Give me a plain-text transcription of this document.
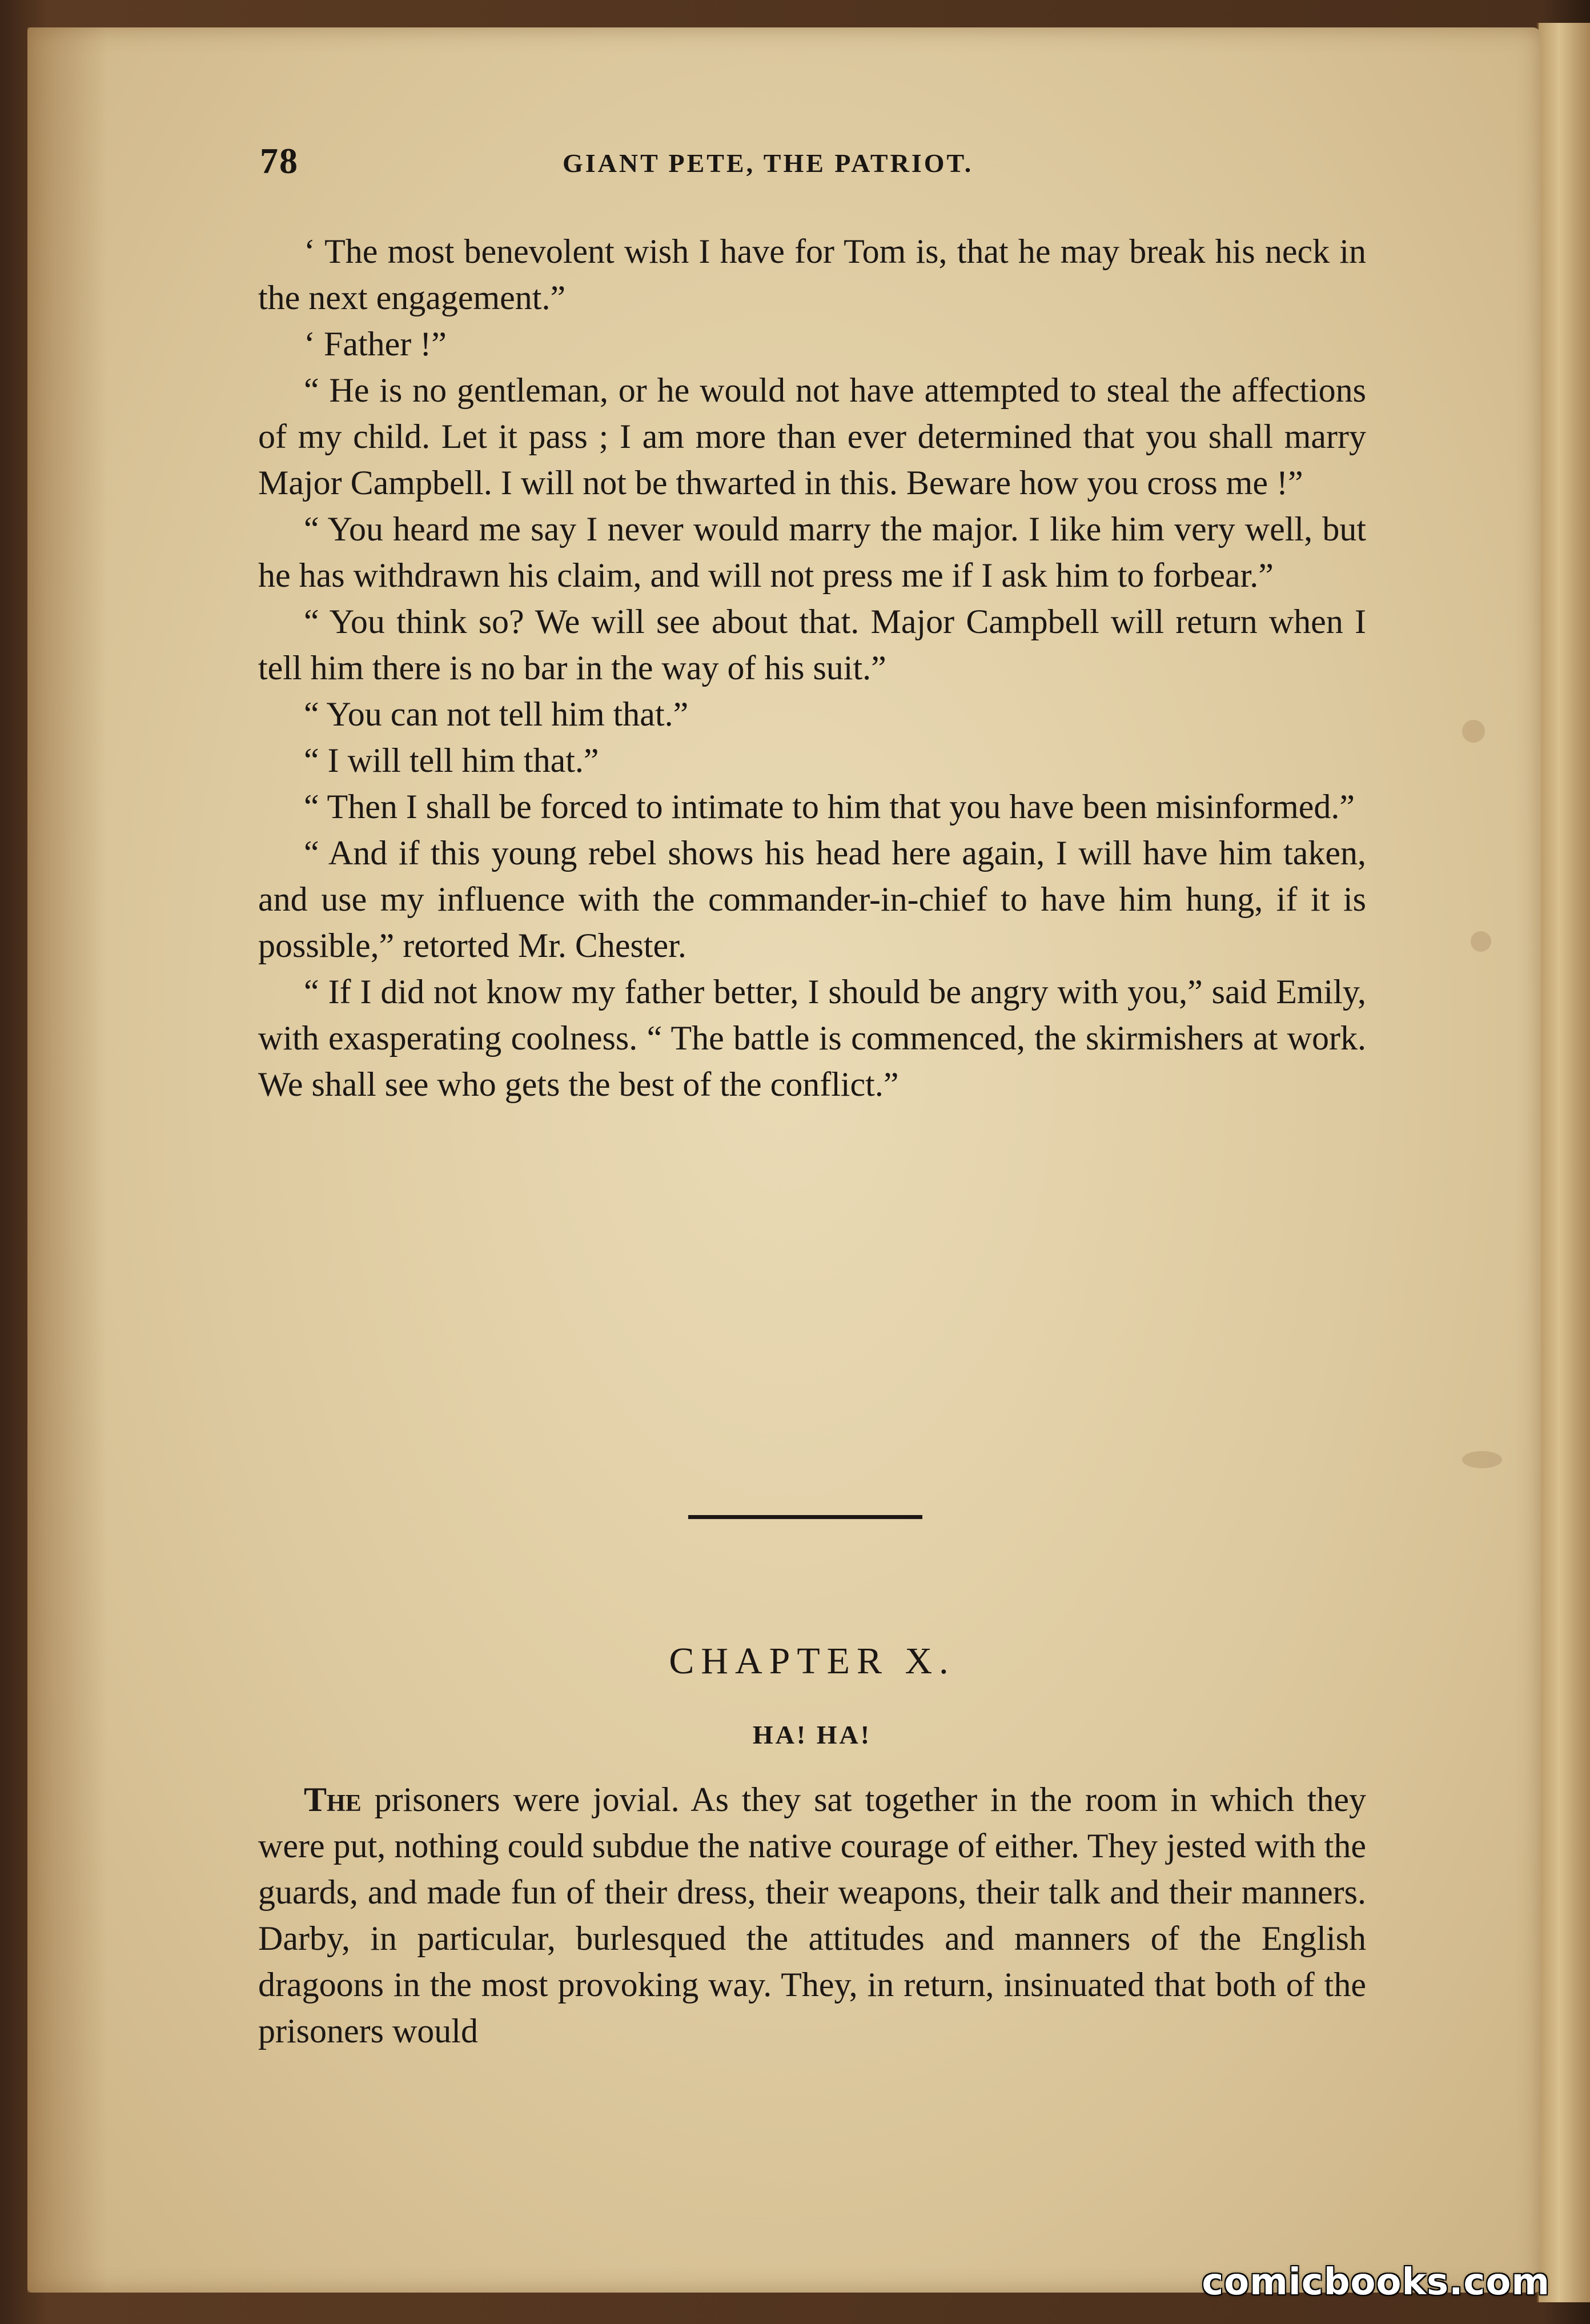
78	GIANT PETE, THE PATRIOT.

‘ The most benevolent wish I have for Tom is, that he may break his neck in the next engagement.”

‘ Father !”

“ He is no gentleman, or he would not have attempted to steal the affections of my child. Let it pass ; I am more than ever determined that you shall marry Major Campbell. I will not be thwarted in this. Beware how you cross me !”

“ You heard me say I never would marry the major. I like him very well, but he has withdrawn his claim, and will not press me if I ask him to forbear.”

“ You think so? We will see about that. Major Campbell will return when I tell him there is no bar in the way of his suit.”

“ You can not tell him that.”

“ I will tell him that.”

“ Then I shall be forced to intimate to him that you have been misinformed.”

“ And if this young rebel shows his head here again, I will have him taken, and use my influence with the commander-in-chief to have him hung, if it is possible,” retorted Mr. Chester.

“ If I did not know my father better, I should be angry with you,” said Emily, with exasperating coolness. “ The battle is commenced, the skirmishers at work. We shall see who gets the best of the conflict.”

CHAPTER X.
HA! HA!

The prisoners were jovial. As they sat together in the room in which they were put, nothing could subdue the native courage of either. They jested with the guards, and made fun of their dress, their weapons, their talk and their manners. Darby, in particular, burlesqued the attitudes and manners of the English dragoons in the most provoking way. They, in return, insinuated that both of the prisoners would

comicbooks.com
